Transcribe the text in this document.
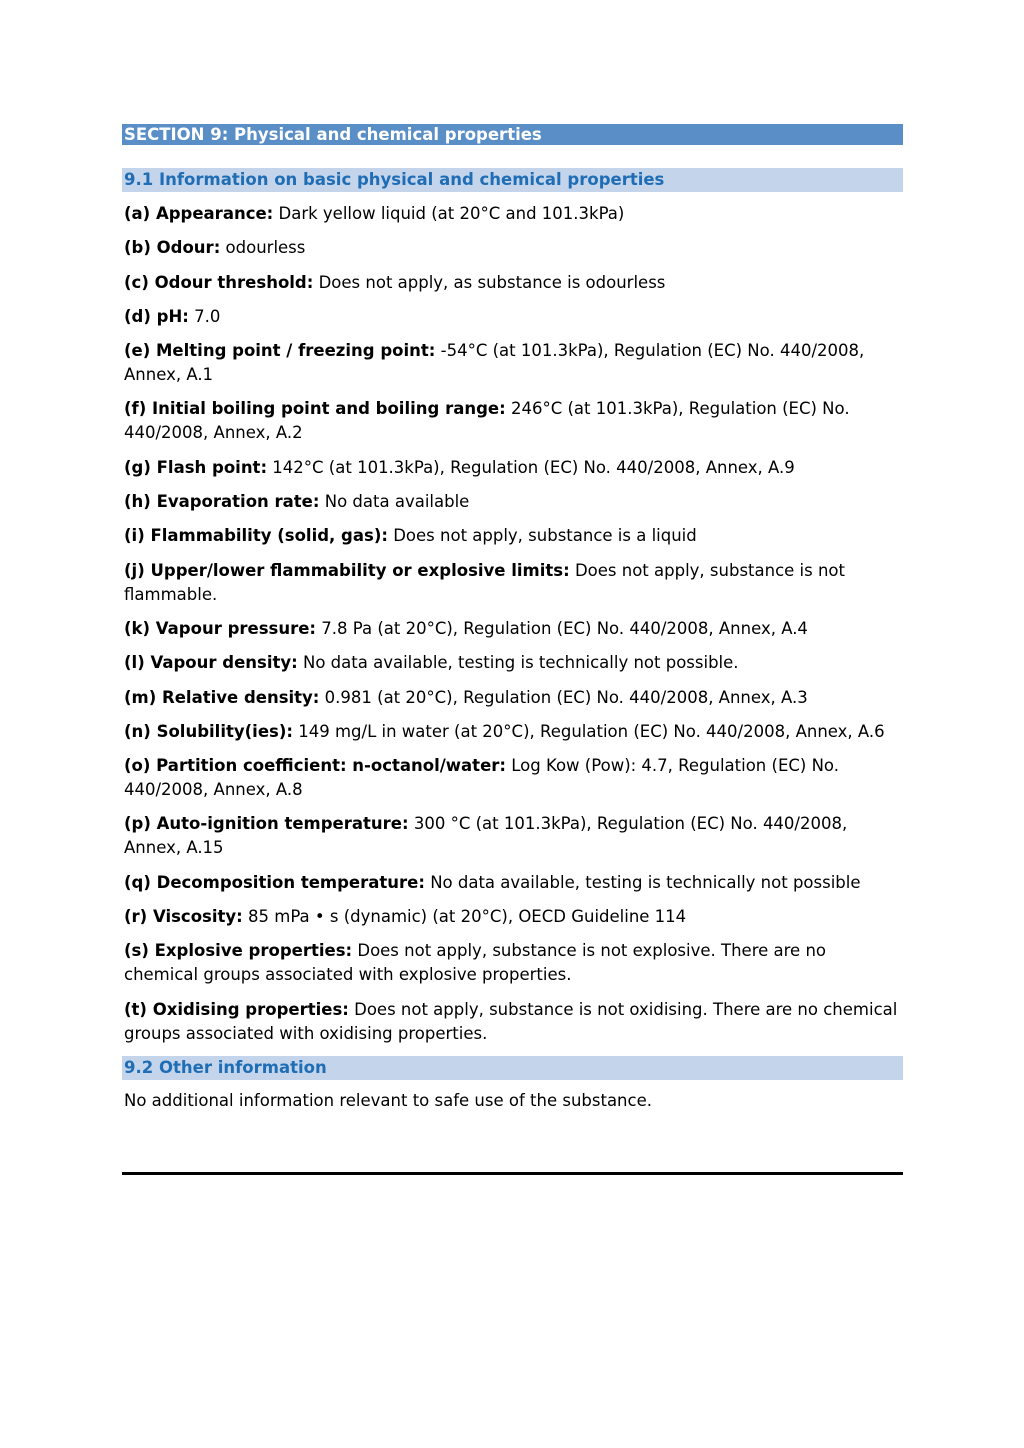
SECTION 9: Physical and chemical properties
9.1 Information on basic physical and chemical properties

(a) Appearance: Dark yellow liquid (at 20°C and 101.3kPa)

(b) Odour: odourless

(c) Odour threshold: Does not apply, as substance is odourless

(d) pH: 7.0

(e) Melting point / freezing point: -54°C (at 101.3kPa), Regulation (EC) No. 440/2008, Annex, A.1

(f) Initial boiling point and boiling range: 246°C (at 101.3kPa), Regulation (EC) No. 440/2008, Annex, A.2

(g) Flash point: 142°C (at 101.3kPa), Regulation (EC) No. 440/2008, Annex, A.9

(h) Evaporation rate: No data available

(i) Flammability (solid, gas): Does not apply, substance is a liquid

(j) Upper/lower flammability or explosive limits: Does not apply, substance is not flammable.

(k) Vapour pressure: 7.8 Pa (at 20°C), Regulation (EC) No. 440/2008, Annex, A.4

(l) Vapour density: No data available, testing is technically not possible.

(m) Relative density: 0.981 (at 20°C), Regulation (EC) No. 440/2008, Annex, A.3

(n) Solubility(ies): 149 mg/L in water (at 20°C), Regulation (EC) No. 440/2008, Annex, A.6

(o) Partition coefficient: n-octanol/water: Log Kow (Pow): 4.7, Regulation (EC) No. 440/2008, Annex, A.8

(p) Auto-ignition temperature: 300 °C (at 101.3kPa), Regulation (EC) No. 440/2008, Annex, A.15

(q) Decomposition temperature: No data available, testing is technically not possible

(r) Viscosity: 85 mPa • s (dynamic) (at 20°C), OECD Guideline 114

(s) Explosive properties: Does not apply, substance is not explosive. There are no chemical groups associated with explosive properties.

(t) Oxidising properties: Does not apply, substance is not oxidising. There are no chemical groups associated with oxidising properties.

9.2 Other information
No additional information relevant to safe use of the substance.
